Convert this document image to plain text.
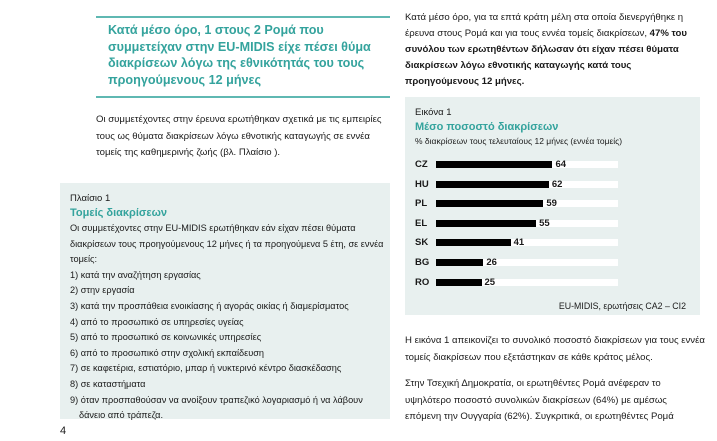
Κατά μέσο όρο, 1 στους 2 Ρομά που συμμετείχαν στην EU-MIDIS είχε πέσει θύμα διακρίσεων λόγω της εθνικότητάς του τους προηγούμενους 12 μήνες
Οι συμμετέχοντες στην έρευνα ερωτήθηκαν σχετικά με τις εμπειρίες τους ως θύματα διακρίσεων λόγω εθνοτικής καταγωγής σε εννέα τομείς της καθημερινής ζωής (βλ. Πλαίσιο ).
Πλαίσιο 1
Τομείς διακρίσεων
Οι συμμετέχοντες στην EU-MIDIS ερωτήθηκαν εάν είχαν πέσει θύματα διακρίσεων τους προηγούμενους 12 μήνες ή τα προηγούμενα 5 έτη, σε εννέα τομείς:
1) κατά την αναζήτηση εργασίας
2) στην εργασία
3) κατά την προσπάθεια ενοικίασης ή αγοράς οικίας ή διαμερίσματος
4) από το προσωπικό σε υπηρεσίες υγείας
5) από το προσωπικό σε κοινωνικές υπηρεσίες
6) από το προσωπικό στην σχολική εκπαίδευση
7) σε καφετέρια, εστιατόριο, μπαρ ή νυκτερινό κέντρο διασκέδασης
8) σε καταστήματα
9) όταν προσπαθούσαν να ανοίξουν τραπεζικό λογαριασμό ή να λάβουν δάνειο από τράπεζα.
4
Κατά μέσο όρο, για τα επτά κράτη μέλη στα οποία διενεργήθηκε η έρευνα στους Ρομά και για τους εννέα τομείς διακρίσεων, 47% του συνόλου των ερωτηθέντων δήλωσαν ότι είχαν πέσει θύματα διακρίσεων λόγω εθνοτικής καταγωγής κατά τους προηγούμενους 12 μήνες.
Εικόνα 1
Μέσο ποσοστό διακρίσεων
% διακρίσεων τους τελευταίους 12 μήνες (εννέα τομείς)
CZ	64
HU	62
PL	59
EL	55
SK	41
BG	26
RO	25
EU-MIDIS, ερωτήσεις CA2 – CI2
Η εικόνα 1 απεικονίζει το συνολικό ποσοστό διακρίσεων για τους εννέα τομείς διακρίσεων που εξετάστηκαν σε κάθε κράτος μέλος.
Στην Τσεχική Δημοκρατία, οι ερωτηθέντες Ρομά ανέφεραν το υψηλότερο ποσοστό συνολικών διακρίσεων (64%) με αμέσως επόμενη την Ουγγαρία (62%). Συγκριτικά, οι ερωτηθέντες Ρομά
